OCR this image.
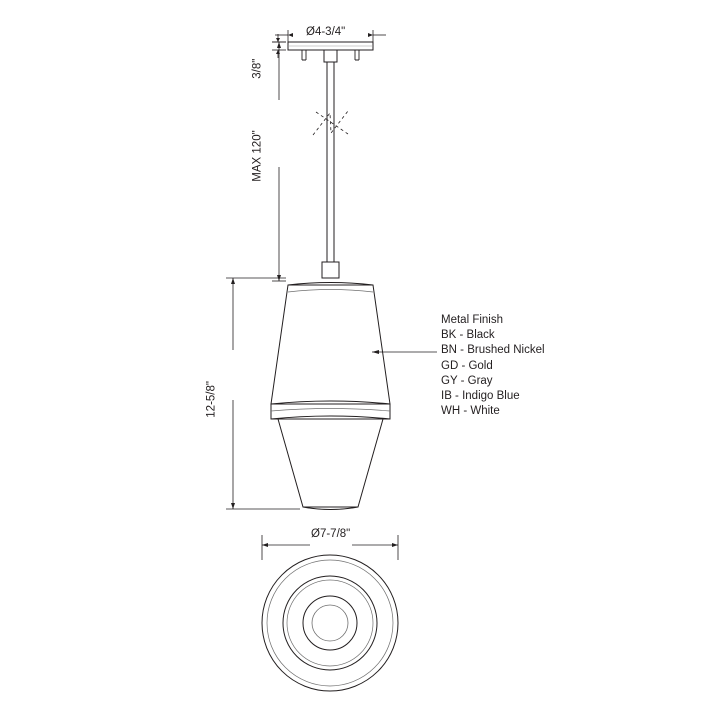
Ø4-3/4"
3/8"
MAX 120"
12-5/8"
Ø7-7/8"
Metal Finish
BK - Black
BN - Brushed Nickel
GD - Gold
GY - Gray
IB - Indigo Blue
WH - White
